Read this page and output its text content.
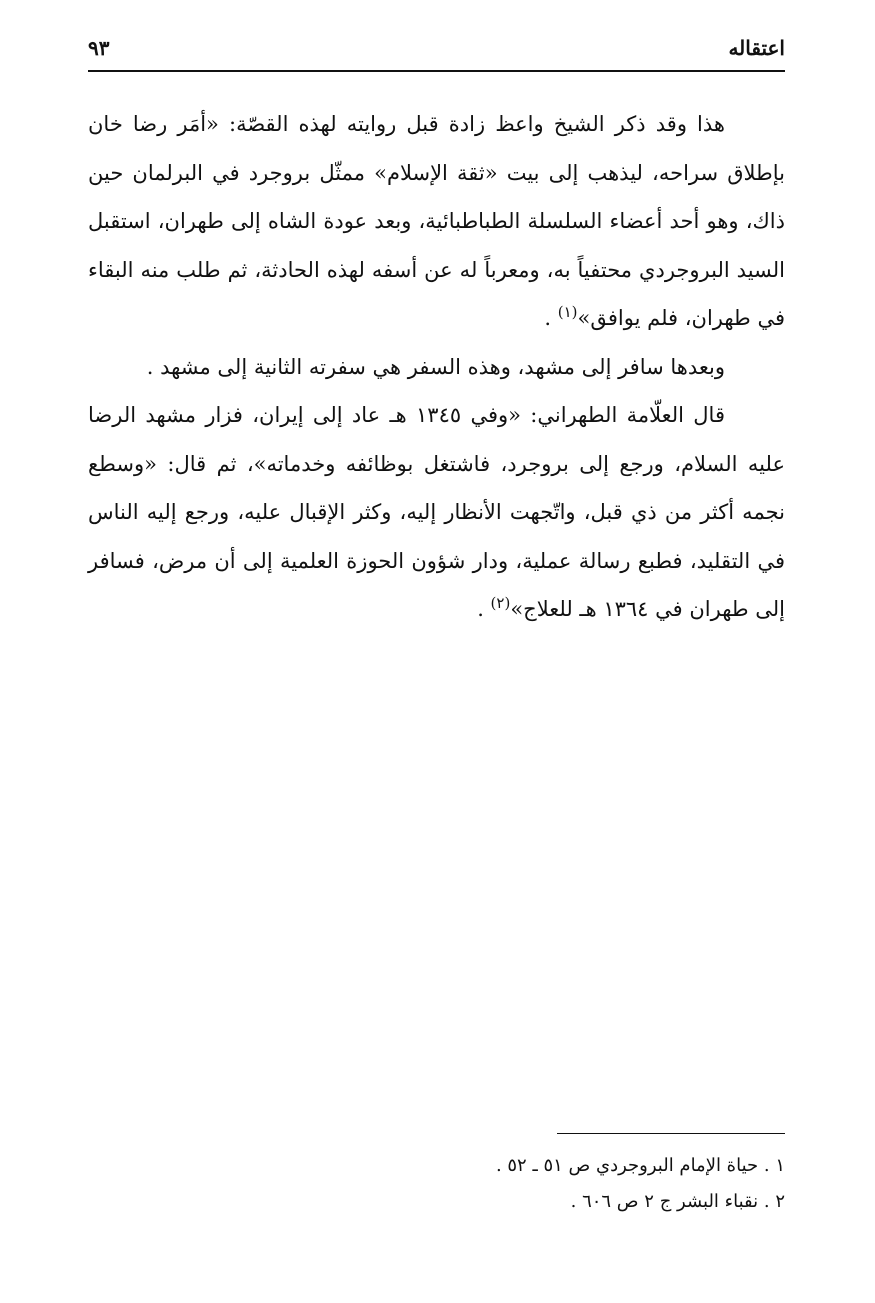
اعتقاله
٩٣

هذا وقد ذكر الشيخ واعظ زادة قبل روايته لهذه القصّة: «أمَر رضا خان بإطلاق سراحه، ليذهب إلى بيت «ثقة الإسلام» ممثّل بروجرد في البرلمان حين ذاك، وهو أحد أعضاء السلسلة الطباطبائية، وبعد عودة الشاه إلى طهران، استقبل السيد البروجردي محتفياً به، ومعرباً له عن أسفه لهذه الحادثة، ثم طلب منه البقاء في طهران، فلم يوافق»$^{(١)}$ .

وبعدها سافر إلى مشهد، وهذه السفر هي سفرته الثانية إلى مشهد .

قال العلّامة الطهراني: «وفي ١٣٤٥ هـ عاد إلى إيران، فزار مشهد الرضا عليه السلام، ورجع إلى بروجرد، فاشتغل بوظائفه وخدماته»، ثم قال: «وسطع نجمه أكثر من ذي قبل، واتّجهت الأنظار إليه، وكثر الإقبال عليه، ورجع إليه الناس في التقليد، فطبع رسالة عملية، ودار شؤون الحوزة العلمية إلى أن مرض، فسافر إلى طهران في ١٣٦٤ هـ للعلاج»$^{(٢)}$ .

١ . حياة الإمام البروجردي ص ٥١ ـ ٥٢ .

٢ . نقباء البشر ج ٢ ص ٦٠٦ .
